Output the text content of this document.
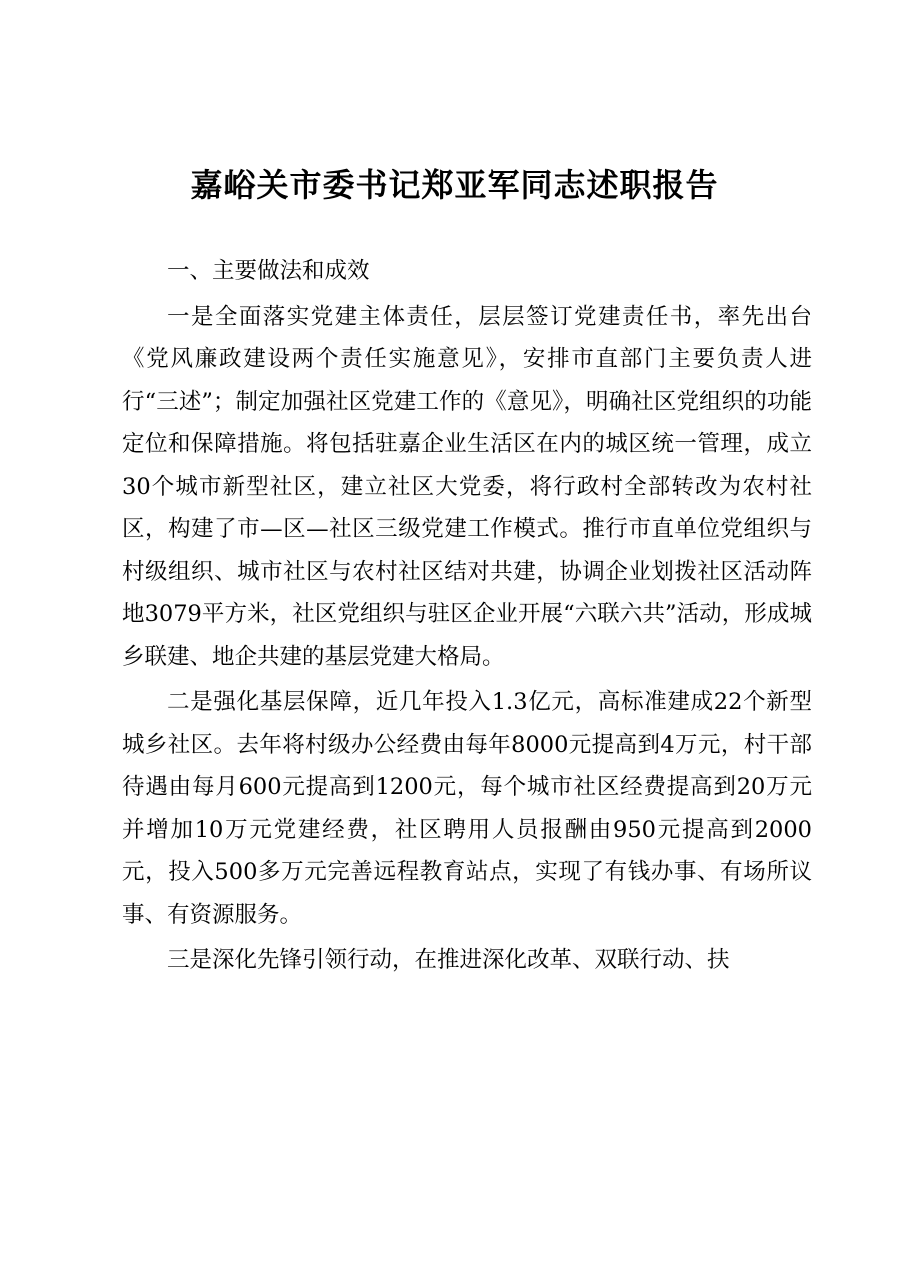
嘉峪关市委书记郑亚军同志述职报告

一、主要做法和成效

一是全面落实党建主体责任，层层签订党建责任书，率先出台《党风廉政建设两个责任实施意见》，安排市直部门主要负责人进行“三述”；制定加强社区党建工作的《意见》，明确社区党组织的功能定位和保障措施。将包括驻嘉企业生活区在内的城区统一管理，成立30个城市新型社区，建立社区大党委，将行政村全部转改为农村社区，构建了市—区—社区三级党建工作模式。推行市直单位党组织与村级组织、城市社区与农村社区结对共建，协调企业划拨社区活动阵地3079平方米，社区党组织与驻区企业开展“六联六共”活动，形成城乡联建、地企共建的基层党建大格局。

二是强化基层保障，近几年投入1.3亿元，高标准建成22个新型城乡社区。去年将村级办公经费由每年8000元提高到4万元，村干部待遇由每月600元提高到1200元，每个城市社区经费提高到20万元并增加10万元党建经费，社区聘用人员报酬由950元提高到2000元，投入500多万元完善远程教育站点，实现了有钱办事、有场所议事、有资源服务。

三是深化先锋引领行动，在推进深化改革、双联行动、扶
